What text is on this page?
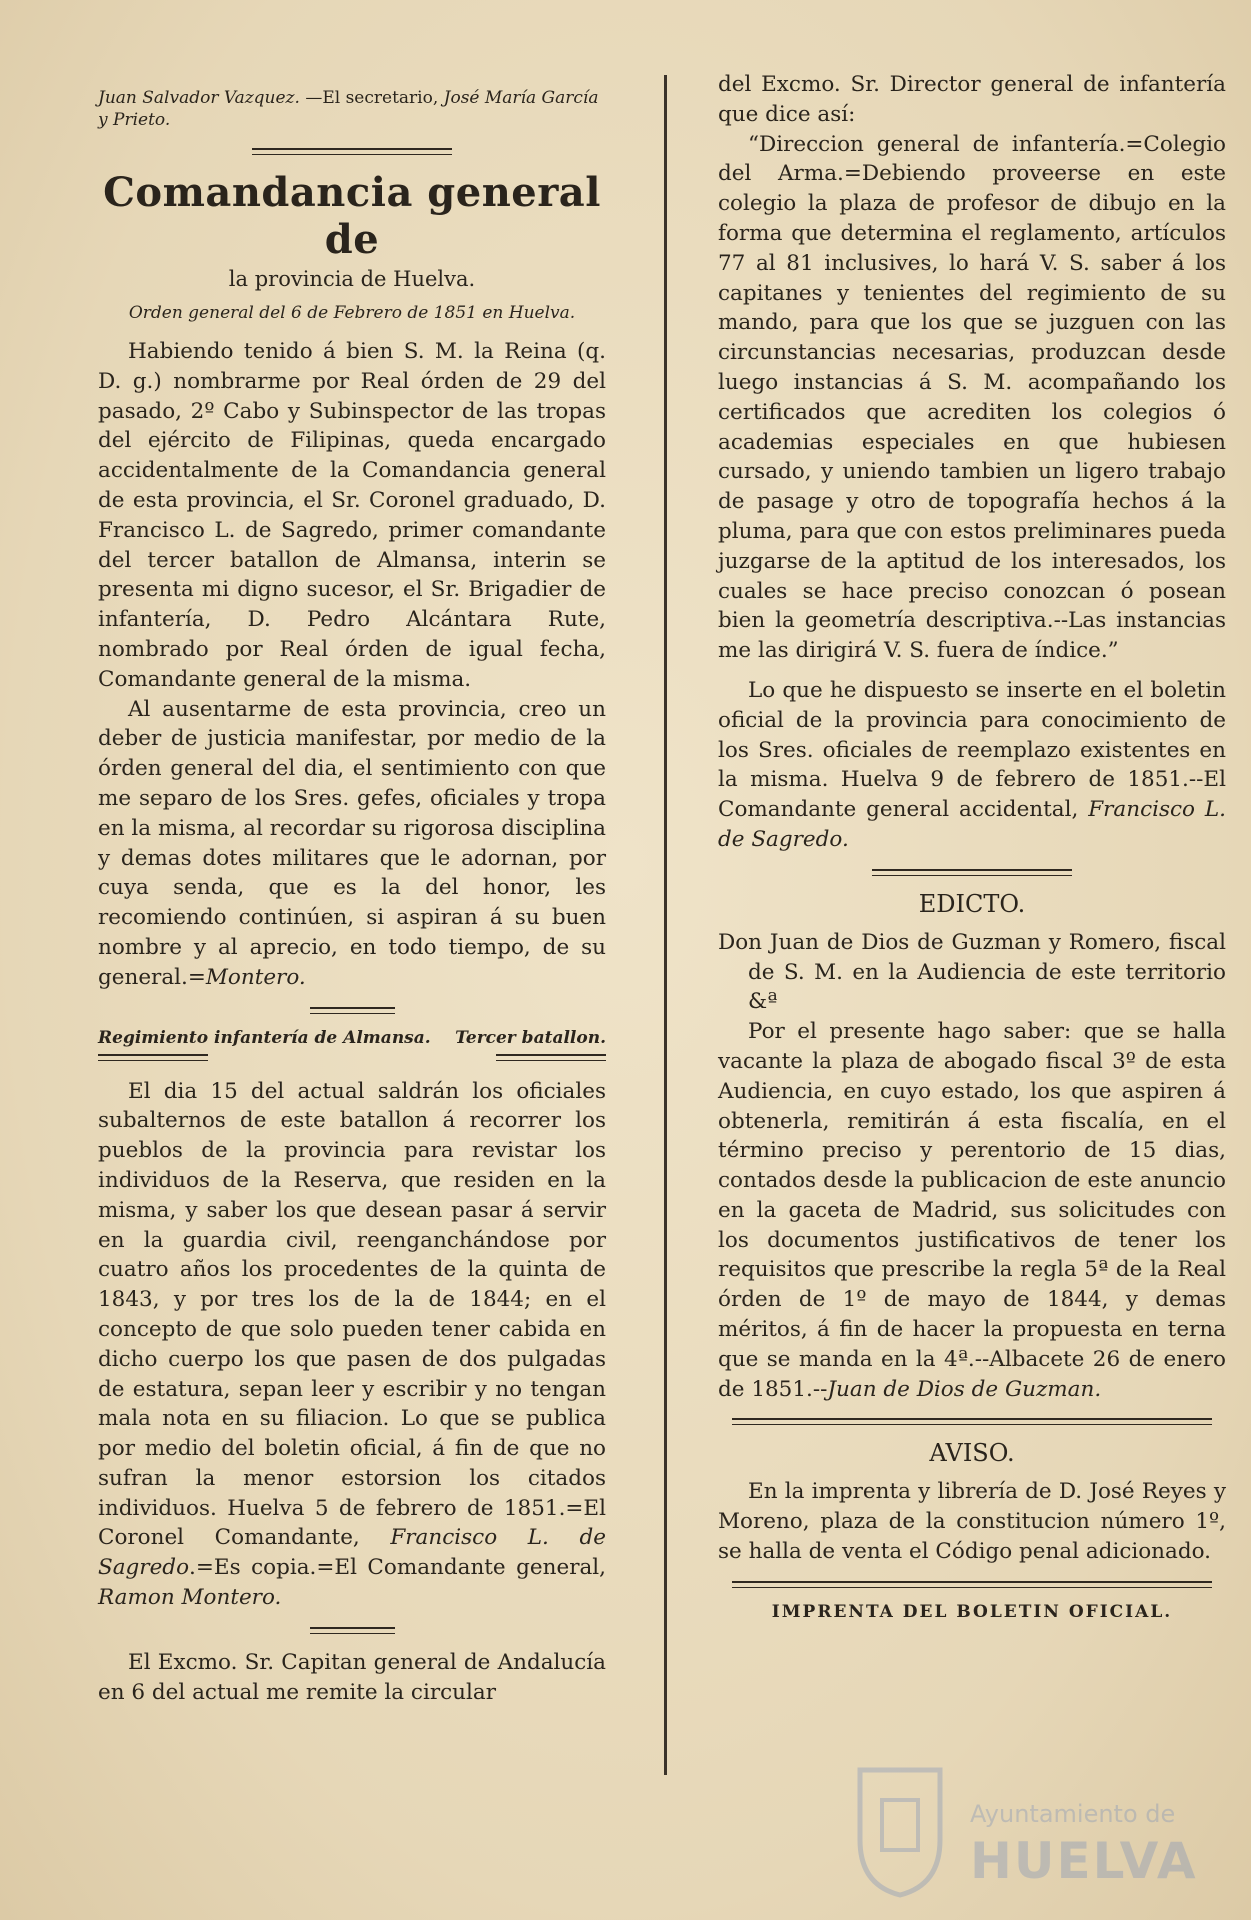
Juan Salvador Vazquez. —El secretario, José María García y Prieto.

Comandancia general de
la provincia de Huelva.
Orden general del 6 de Febrero de 1851 en Huelva.

Habiendo tenido á bien S. M. la Reina (q. D. g.) nombrarme por Real órden de 29 del pasado, 2º Cabo y Subinspector de las tropas del ejército de Filipinas, queda encargado accidentalmente de la Comandancia general de esta provincia, el Sr. Coronel graduado, D. Francisco L. de Sagredo, primer comandante del tercer batallon de Almansa, interin se presenta mi digno sucesor, el Sr. Brigadier de infantería, D. Pedro Alcántara Rute, nombrado por Real órden de igual fecha, Comandante general de la misma.

Al ausentarme de esta provincia, creo un deber de justicia manifestar, por medio de la órden general del dia, el sentimiento con que me separo de los Sres. gefes, oficiales y tropa en la misma, al recordar su rigorosa disciplina y demas dotes militares que le adornan, por cuya senda, que es la del honor, les recomiendo continúen, si aspiran á su buen nombre y al aprecio, en todo tiempo, de su general.=Montero.

Regimiento infantería de Almansa. Tercer batallon.

El dia 15 del actual saldrán los oficiales subalternos de este batallon á recorrer los pueblos de la provincia para revistar los individuos de la Reserva, que residen en la misma, y saber los que desean pasar á servir en la guardia civil, reenganchándose por cuatro años los procedentes de la quinta de 1843, y por tres los de la de 1844; en el concepto de que solo pueden tener cabida en dicho cuerpo los que pasen de dos pulgadas de estatura, sepan leer y escribir y no tengan mala nota en su filiacion. Lo que se publica por medio del boletin oficial, á fin de que no sufran la menor estorsion los citados individuos. Huelva 5 de febrero de 1851.=El Coronel Comandante, Francisco L. de Sagredo.=Es copia.=El Comandante general, Ramon Montero.

El Excmo. Sr. Capitan general de Andalucía en 6 del actual me remite la circular

del Excmo. Sr. Director general de infantería que dice así:

“Direccion general de infantería.=Colegio del Arma.=Debiendo proveerse en este colegio la plaza de profesor de dibujo en la forma que determina el reglamento, artículos 77 al 81 inclusives, lo hará V. S. saber á los capitanes y tenientes del regimiento de su mando, para que los que se juzguen con las circunstancias necesarias, produzcan desde luego instancias á S. M. acompañando los certificados que acrediten los colegios ó academias especiales en que hubiesen cursado, y uniendo tambien un ligero trabajo de pasage y otro de topografía hechos á la pluma, para que con estos preliminares pueda juzgarse de la aptitud de los interesados, los cuales se hace preciso conozcan ó posean bien la geometría descriptiva.--Las instancias me las dirigirá V. S. fuera de índice.”

Lo que he dispuesto se inserte en el boletin oficial de la provincia para conocimiento de los Sres. oficiales de reemplazo existentes en la misma. Huelva 9 de febrero de 1851.--El Comandante general accidental, Francisco L. de Sagredo.

EDICTO.

Don Juan de Dios de Guzman y Romero, fiscal de S. M. en la Audiencia de este territorio &ª

Por el presente hago saber: que se halla vacante la plaza de abogado fiscal 3º de esta Audiencia, en cuyo estado, los que aspiren á obtenerla, remitirán á esta fiscalía, en el término preciso y perentorio de 15 dias, contados desde la publicacion de este anuncio en la gaceta de Madrid, sus solicitudes con los documentos justificativos de tener los requisitos que prescribe la regla 5ª de la Real órden de 1º de mayo de 1844, y demas méritos, á fin de hacer la propuesta en terna que se manda en la 4ª.--Albacete 26 de enero de 1851.--Juan de Dios de Guzman.

AVISO.

En la imprenta y librería de D. José Reyes y Moreno, plaza de la constitucion número 1º, se halla de venta el Código penal adicionado.

IMPRENTA DEL BOLETIN OFICIAL.
Ayuntamiento de
HUELVA
